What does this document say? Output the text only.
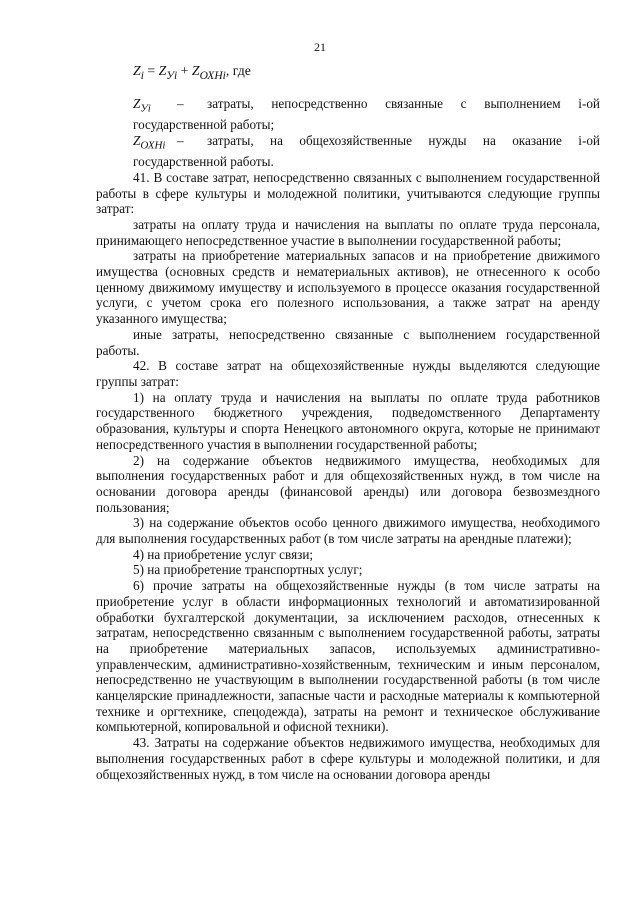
21

$Z_i = Z_{Уi} + Z_{ОХНi}$, где

$Z_{Уi}$ – затраты, непосредственно связанные с выполнением i-ой государственной работы;

$Z_{ОХНi}$ – затраты, на общехозяйственные нужды на оказание i-ой государственной работы.

41. В составе затрат, непосредственно связанных с выполнением государственной работы в сфере культуры и молодежной политики, учитываются следующие группы затрат:

затраты на оплату труда и начисления на выплаты по оплате труда персонала, принимающего непосредственное участие в выполнении государственной работы;

затраты на приобретение материальных запасов и на приобретение движимого имущества (основных средств и нематериальных активов), не отнесенного к особо ценному движимому имуществу и используемого в процессе оказания государственной услуги, с учетом срока его полезного использования, а также затрат на аренду указанного имущества;

иные затраты, непосредственно связанные с выполнением государственной работы.

42. В составе затрат на общехозяйственные нужды выделяются следующие группы затрат:

1) на оплату труда и начисления на выплаты по оплате труда работников государственного бюджетного учреждения, подведомственного Департаменту образования, культуры и спорта Ненецкого автономного округа, которые не принимают непосредственного участия в выполнении государственной работы;

2) на содержание объектов недвижимого имущества, необходимых для выполнения государственных работ и для общехозяйственных нужд, в том числе на основании договора аренды (финансовой аренды) или договора безвозмездного пользования;

3) на содержание объектов особо ценного движимого имущества, необходимого для выполнения государственных работ (в том числе затраты на арендные платежи);

4) на приобретение услуг связи;

5) на приобретение транспортных услуг;

6) прочие затраты на общехозяйственные нужды (в том числе затраты на приобретение услуг в области информационных технологий и автоматизированной обработки бухгалтерской документации, за исключением расходов, отнесенных к затратам, непосредственно связанным с выполнением государственной работы, затраты на приобретение материальных запасов, используемых административно-управленческим, административно-хозяйственным, техническим и иным персоналом, непосредственно не участвующим в выполнении государственной работы (в том числе канцелярские принадлежности, запасные части и расходные материалы к компьютерной технике и оргтехнике, спецодежда), затраты на ремонт и техническое обслуживание компьютерной, копировальной и офисной техники).

43. Затраты на содержание объектов недвижимого имущества, необходимых для выполнения государственных работ в сфере культуры и молодежной политики, и для общехозяйственных нужд, в том числе на основании договора аренды
